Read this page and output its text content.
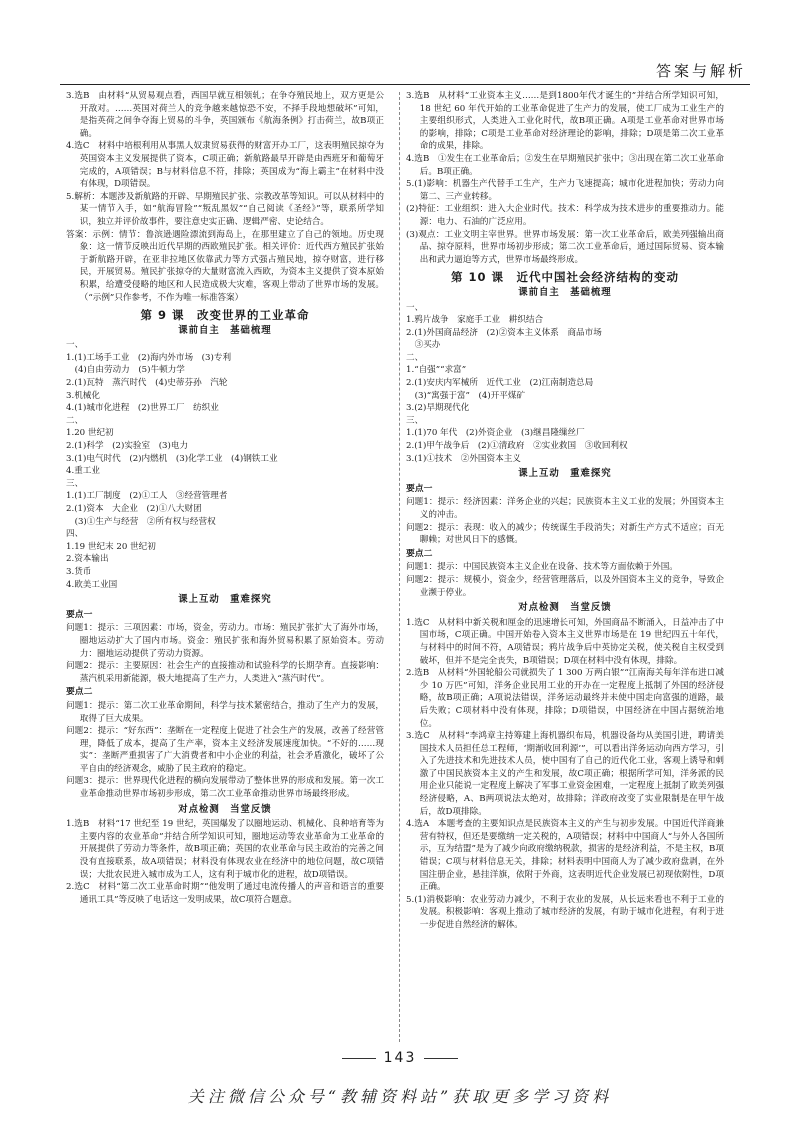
答案与解析
3.选B　由材料“从贸易观点看，西国早就互相领轧；在争夺殖民地上，双方更是公开敌对。……英国对荷兰人的竞争越来越惊恐不安，不择手段地想破坏”可知，是指英荷之间争夺海上贸易的斗争，英国颁布《航海条例》打击荷兰，故B项正确。
4.选C　材料中培根利用从事黑人奴隶贸易获得的财富开办工厂，这表明殖民掠夺为英国资本主义发展提供了资本，C项正确；新航路最早开辟是由西班牙和葡萄牙完成的，A项错误；B与材料信息不符，排除；英国成为“海上霸主”在材料中没有体现，D项错误。
5.解析：本题涉及新航路的开辟、早期殖民扩张、宗教改革等知识。可以从材料中的某一情节入手，如“航海冒险”“叛乱黑奴”“自己阅读《圣经》”等，联系所学知识，独立并评价故事件，要注意史实正确、逻辑严密、史论结合。
答案：示例：情节：鲁滨逊遇险漂流到海岛上，在那里建立了自己的领地。历史现象：这一情节反映出近代早期的西欧殖民扩张。相关评价：近代西方殖民扩张始于新航路开辟，在亚非拉地区依靠武力等方式强占殖民地，掠夺财富，进行移民，开展贸易。殖民扩张掠夺的大量财富流入西欧，为资本主义提供了资本原始积累，给遭受侵略的地区和人民造成极大灾难，客观上带动了世界市场的发展。（“示例”只作参考，不作为唯一标准答案）
第 9 课　改变世界的工业革命
课前自主　基础梳理
一、
1.(1)工场手工业　(2)海内外市场　(3)专利
　(4)自由劳动力　(5)牛顿力学
2.(1)瓦特　蒸汽时代　(4)史蒂芬孙　汽轮
3.机械化
4.(1)城市化进程　(2)世界工厂　纺织业
二、
1.20 世纪初
2.(1)科学　(2)实验室　(3)电力
3.(1)电气时代　(2)内燃机　(3)化学工业　(4)钢铁工业
4.重工业
三、
1.(1)工厂制度　(2)①工人　③经营管理者
2.(1)资本　大企业　(2)①八大财团
　(3)①生产与经营　②所有权与经营权
四、
1.19 世纪末 20 世纪初
2.资本输出
3.货币
4.欧美工业国
课上互动　重难探究
要点一
问题1：提示：三项因素：市场，资金，劳动力。市场：殖民扩张扩大了海外市场，圈地运动扩大了国内市场。资金：殖民扩张和海外贸易积累了原始资本。劳动力：圈地运动提供了劳动力资源。
问题2：提示：主要原因：社会生产的直接推动和试验科学的长期孕育。直接影响：蒸汽机采用新能源，极大地提高了生产力，人类进入“蒸汽时代”。
要点二
问题1：提示：第二次工业革命期间，科学与技术紧密结合，推动了生产力的发展，取得了巨大成果。
问题2：提示：“好东西”：垄断在一定程度上促进了社会生产的发展，改善了经营管理，降低了成本，提高了生产率，资本主义经济发展速度加快。“不好的……现实”：垄断严重损害了广大消费者和中小企业的利益，社会矛盾激化，破坏了公平自由的经济观念，威胁了民主政府的稳定。
问题3：提示：世界现代化进程的横向发展带动了整体世界的形成和发展。第一次工业革命推动世界市场初步形成，第二次工业革命推动世界市场最终形成。
对点检测　当堂反馈
1.选B　材料“17 世纪至 19 世纪，英国爆发了以圈地运动、机械化、良种培育等为主要内容的农业革命”并结合所学知识可知，圈地运动等农业革命为工业革命的开展提供了劳动力等条件，故B项正确；英国的农业革命与民主政治的完善之间没有直接联系，故A项错误；材料没有体现农业在经济中的地位问题，故C项错误；大批农民进入城市成为工人，这有利于城市化的进程，故D项错误。
2.选C　材料“第二次工业革命时期”“他发明了通过电流传播人的声音和语言的重要通讯工具”等反映了电话这一发明成果，故C项符合题意。
3.选B　从材料“工业资本主义……是到1800年代才诞生的”并结合所学知识可知，18 世纪 60 年代开始的工业革命促进了生产力的发展，使工厂成为工业生产的主要组织形式，人类进入工业化时代，故B项正确。A项是工业革命对世界市场的影响，排除；C项是工业革命对经济理论的影响，排除；D项是第二次工业革命的成果，排除。
4.选B　①发生在工业革命后；②发生在早期殖民扩张中；③出现在第二次工业革命后。B项正确。
5.(1)影响：机器生产代替手工生产，生产力飞速提高；城市化进程加快；劳动力向第二、三产业转移。
(2)特征：工业组织：进入大企业时代。技术：科学成为技术进步的重要推动力。能源：电力、石油的广泛应用。
(3)观点：工业文明主宰世界。世界市场发展：第一次工业革命后，欧美列强输出商品、掠夺原料，世界市场初步形成；第二次工业革命后，通过国际贸易、资本输出和武力逼迫等方式，世界市场最终形成。
第 10 课　近代中国社会经济结构的变动
课前自主　基础梳理
一、
1.鸦片战争　家庭手工业　耕织结合
2.(1)外国商品经济　(2)②资本主义体系　商品市场
　③买办
二、
1.“自强”“求富”
2.(1)安庆内军械所　近代工业　(2)江南制造总局
　(3)“寓强于富”　(4)开平煤矿
3.(2)早期现代化
三、
1.(1)70 年代　(2)外资企业　(3)继昌隆缫丝厂
2.(1)甲午战争后　(2)①清政府　②实业救国　③收回利权
3.(1)①技术　②外国资本主义
课上互动　重难探究
要点一
问题1：提示：经济因素：洋务企业的兴起；民族资本主义工业的发展；外国资本主义的冲击。
问题2：提示：表现：收入的减少；传统谋生手段消失；对新生产方式不适应；百无聊赖；对世风日下的感慨。
要点二
问题1：提示：中国民族资本主义企业在设备、技术等方面依赖于外国。
问题2：提示：规模小，资金少，经营管理落后，以及外国资本主义的竞争，导致企业濒于停业。
对点检测　当堂反馈
1.选C　从材料中新关税和厘金的迅速增长可知，外国商品不断涌入，日益冲击了中国市场，C项正确。中国开始卷入资本主义世界市场是在 19 世纪四五十年代，与材料中的时间不符，A项错误；鸦片战争后中英协定关税，使关税自主权受到破坏，但并不是完全丧失，B项错误；D项在材料中没有体现，排除。
2.选B　从材料“外国轮船公司就损失了 1 300 万两白银”“江南海关每年洋布进口减少 10 万匹”可知，洋务企业民用工业的开办在一定程度上抵制了外国的经济侵略，故B项正确；A项说法错误，洋务运动最终并未使中国走向富强的道路，最后失败；C项材料中没有体现，排除；D项错误，中国经济在中国占据统治地位。
3.选C　从材料“李鸿章主持筹建上海机器织布局，机器设备均从美国引进，聘请美国技术人员担任总工程师，‘期渐收回利源’”，可以看出洋务运动向西方学习，引入了先进技术和先进技术人员，使中国有了自己的近代化工业，客观上诱导和刺激了中国民族资本主义的产生和发展，故C项正确；根据所学可知，洋务派的民用企业只能说一定程度上解决了军事工业资金困难，一定程度上抵制了欧美列强经济侵略，A、B两项说法太绝对，故排除；洋政府改变了实业限制是在甲午战后，故D项排除。
4.选A　本题考查的主要知识点是民族资本主义的产生与初步发展。中国近代洋商兼营有特权，但还是要缴纳一定关税的，A项错误；材料中中国商人“与外人各国所示，互为结盟”是为了减少向政府缴纳税款，损害的是经济利益，不是主权，B项错误；C项与材料信息无关，排除；材料表明中国商人为了减少政府盘剥，在外国注册企业，悬挂洋旗，依附于外商，这表明近代企业发展已初现依附性，D项正确。
5.(1)消极影响：农业劳动力减少，不利于农业的发展，从长远来看也不利于工业的发展。积极影响：客观上推动了城市经济的发展，有助于城市化进程，有利于进一步促进自然经济的解体。
143
关注微信公众号“教辅资料站”获取更多学习资料
